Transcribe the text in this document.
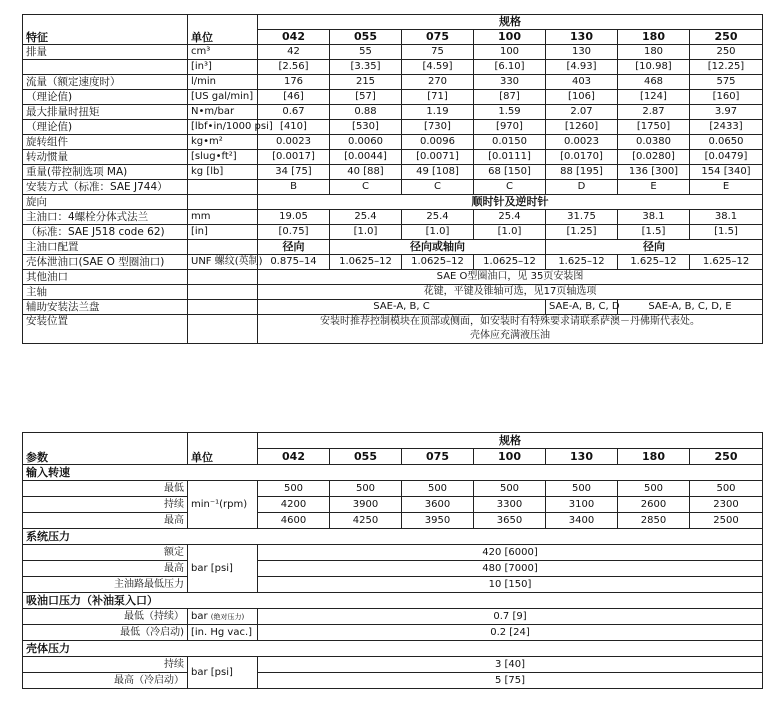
特征	单位	规格						
		042	055	075	100	130	180	250
排量	cm³	42	55	75	100	130	180	250
	[in³]	[2.56]	[3.35]	[4.59]	[6.10]	[4.93]	[10.98]	[12.25]
流量（额定速度时）	l/min	176	215	270	330	403	468	575
（理论值)	[US gal/min]	[46]	[57]	[71]	[87]	[106]	[124]	[160]
最大排量时扭矩	N•m/bar	0.67	0.88	1.19	1.59	2.07	2.87	3.97
（理论值)	[lbf•in/1000 psi]	[410]	[530]	[730]	[970]	[1260]	[1750]	[2433]
旋转组件	kg•m²	0.0023	0.0060	0.0096	0.0150	0.0023	0.0380	0.0650
转动惯量	[slug•ft²]	[0.0017]	[0.0044]	[0.0071]	[0.0111]	[0.0170]	[0.0280]	[0.0479]
重量(带控制选项 MA)	kg [lb]	34 [75]	40 [88]	49 [108]	68 [150]	88 [195]	136 [300]	154 [340]
安装方式（标准：SAE J744）		B	C	C	C	D	E	E
旋向		顺时针及逆时针						
主油口：4螺栓分体式法兰	mm	19.05	25.4	25.4	25.4	31.75	38.1	38.1
（标准：SAE J518 code 62)	[in]	[0.75]	[1.0]	[1.0]	[1.0]	[1.25]	[1.5]	[1.5]
主油口配置		径向	径向或轴向			径向		
壳体泄油口(SAE O 型圈油口)	UNF 螺纹(英制)	0.875–14	1.0625–12	1.0625–12	1.0625–12	1.625–12	1.625–12	1.625–12
其他油口		SAE O型圈油口，见 35页安装图						
主轴		花键，平键及锥轴可选，见17页轴选项						
辅助安装法兰盘		SAE-A, B, C				SAE-A, B, C, D	SAE-A, B, C, D, E	
安装位置		安装时推荐控制模块在顶部或侧面，如安装时有特殊要求请联系萨澳－丹佛斯代表处。						
		壳体应充满液压油						
参数	单位	规格						
		042	055	075	100	130	180	250
输入转速								
最低	min⁻¹(rpm)	500	500	500	500	500	500	500
持续		4200	3900	3600	3300	3100	2600	2300
最高		4600	4250	3950	3650	3400	2850	2500
系统压力								
额定	bar [psi]	420 [6000]						
最高		480 [7000]						
主油路最低压力		10 [150]						
吸油口压力（补油泵入口）								
最低（持续）	bar (绝对压力)	0.7 [9]						
最低（冷启动)	[in. Hg vac.]	0.2 [24]						
壳体压力								
持续	bar [psi]	3 [40]						
最高（冷启动）		5 [75]						
